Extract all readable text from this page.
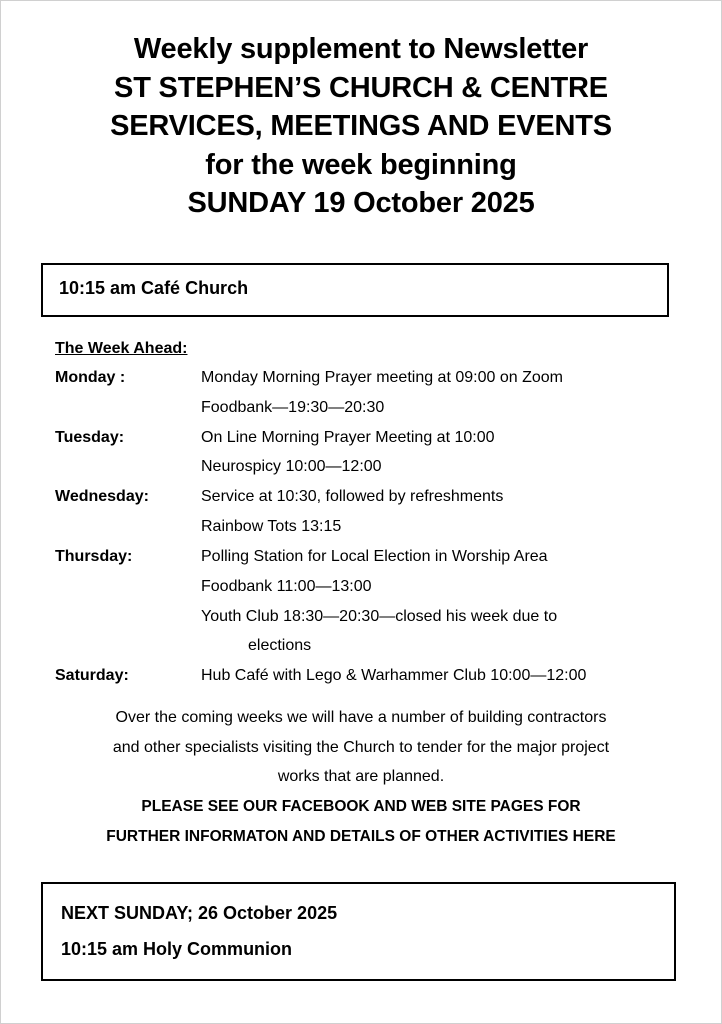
Weekly supplement to Newsletter
ST STEPHEN’S CHURCH & CENTRE
SERVICES, MEETINGS AND EVENTS
for the week beginning
SUNDAY 19 October 2025
10:15 am Café Church
The Week Ahead:
Monday :	Monday Morning Prayer meeting at 09:00 on Zoom
Foodbank—19:30—20:30
Tuesday:	On Line Morning Prayer Meeting at 10:00
Neurospicy 10:00—12:00
Wednesday:	Service at 10:30, followed by refreshments
Rainbow Tots 13:15
Thursday:	Polling Station for Local Election in Worship Area
Foodbank 11:00—13:00
Youth Club 18:30—20:30—closed his week due to
elections
Saturday:	Hub Café with Lego & Warhammer Club 10:00—12:00
Over the coming weeks we will have a number of building contractors
and other specialists visiting the Church to tender for the major project
works that are planned.
PLEASE SEE OUR FACEBOOK AND WEB SITE PAGES FOR
FURTHER INFORMATON AND DETAILS OF OTHER ACTIVITIES HERE
NEXT SUNDAY; 26 October 2025
10:15 am Holy Communion
